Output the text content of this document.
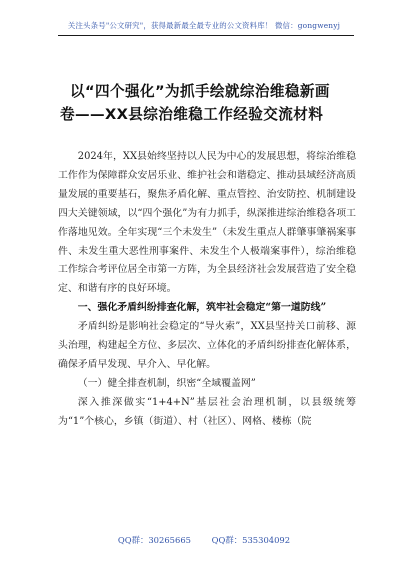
关注头条号"公文研究"，获得最新最全最专业的公文资料库！ 微信：gongwenyj
以“四个强化”为抓手绘就综治维稳新画
卷——XX县综治维稳工作经验交流材料

2024年，XX县始终坚持以人民为中心的发展思想，将综治维稳工作作为保障群众安居乐业、维护社会和谐稳定、推动县域经济高质量发展的重要基石，聚焦矛盾化解、重点管控、治安防控、机制建设四大关键领域，以“四个强化”为有力抓手，纵深推进综治维稳各项工作落地见效。全年实现“三个未发生”（未发生重点人群肇事肇祸案事件、未发生重大恶性刑事案件、未发生个人极端案事件），综治维稳工作综合考评位居全市第一方阵，为全县经济社会发展营造了安全稳定、和谐有序的良好环境。

一、强化矛盾纠纷排查化解，筑牢社会稳定“第一道防线”

矛盾纠纷是影响社会稳定的“导火索”，XX县坚持关口前移、源头治理，构建起全方位、多层次、立体化的矛盾纠纷排查化解体系，确保矛盾早发现、早介入、早化解。

（一）健全排查机制，织密“全域覆盖网”

深入推深做实“1+4+N”基层社会治理机制，以县级统筹为“1”个核心，乡镇（街道）、村（社区）、网格、楼栋（院

QQ群：30265665 QQ群：535304092
